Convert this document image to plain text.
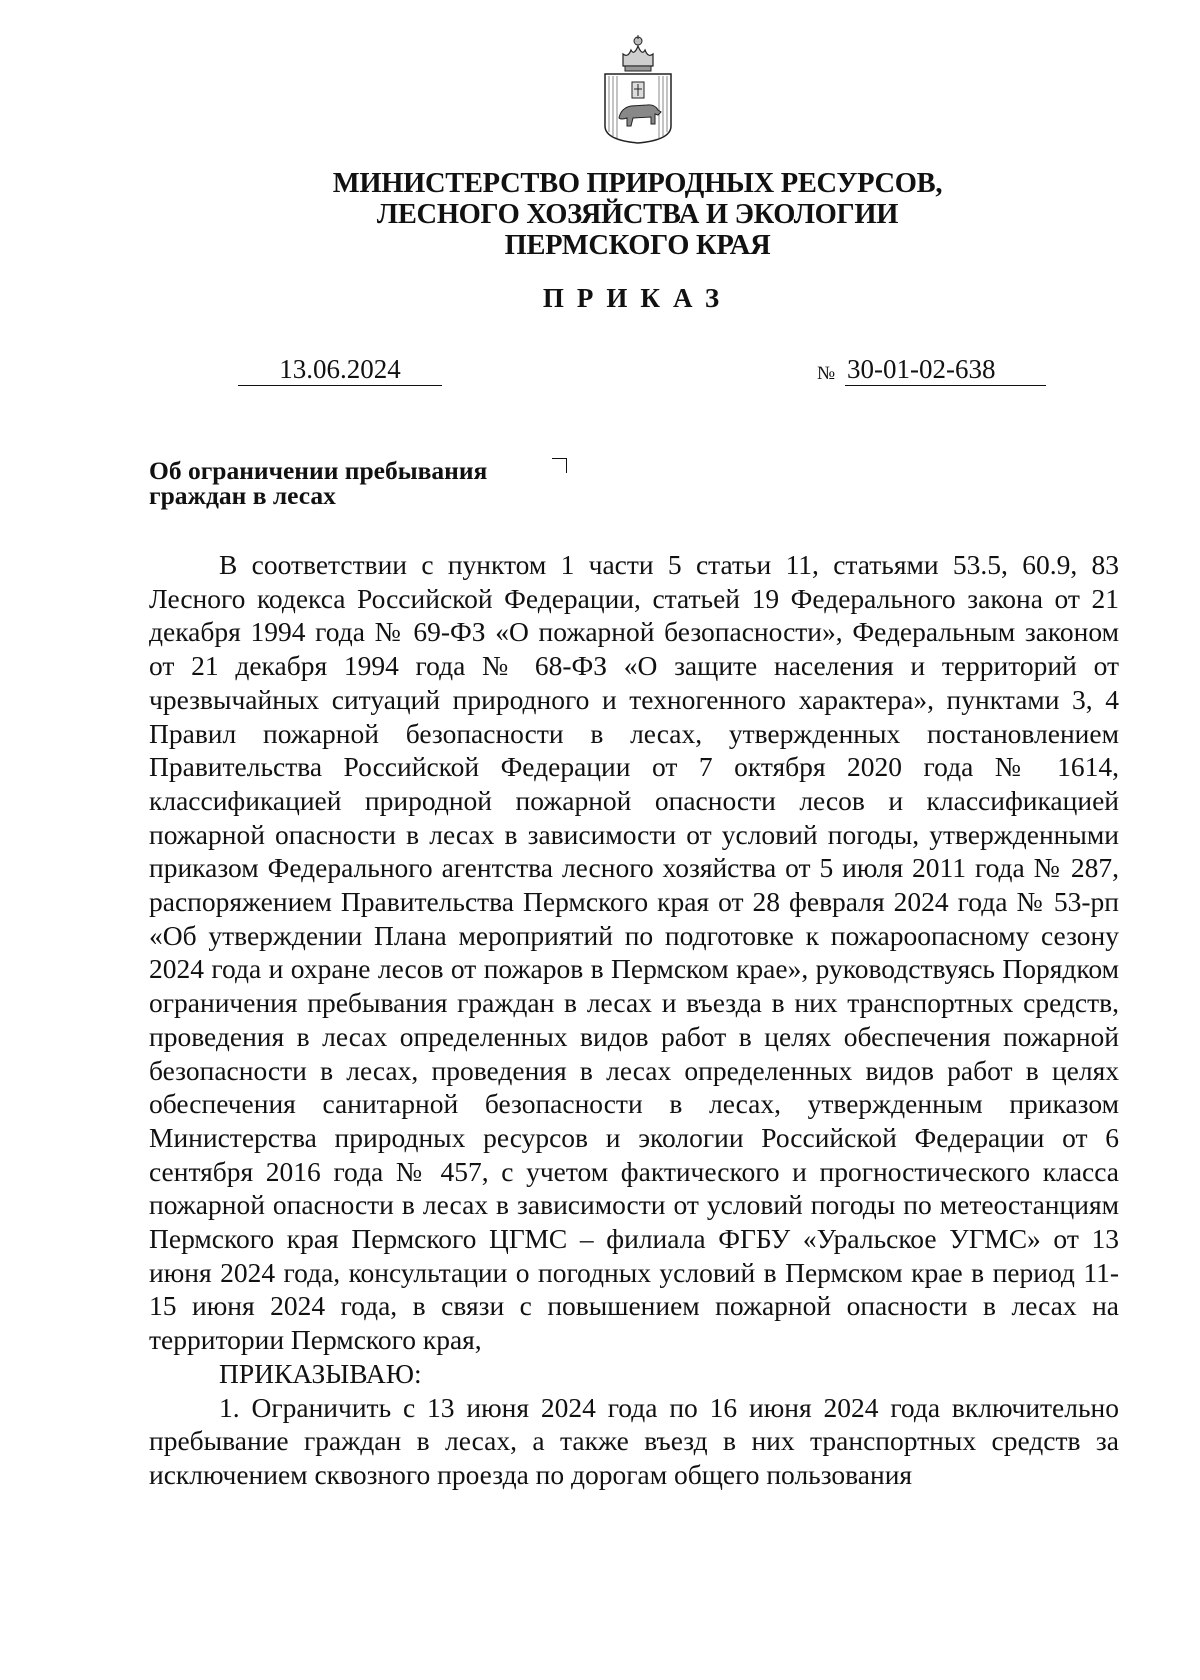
МИНИСТЕРСТВО ПРИРОДНЫХ РЕСУРСОВ,
ЛЕСНОГО ХОЗЯЙСТВА И ЭКОЛОГИИ
ПЕРМСКОГО КРАЯ
ПРИКАЗ
13.06.2024	№ 30-01-02-638
Об ограничении пребывания
граждан в лесах

В соответствии с пунктом 1 части 5 статьи 11, статьями 53.5, 60.9, 83 Лесного кодекса Российской Федерации, статьей 19 Федерального закона от 21 декабря 1994 года № 69-ФЗ «О пожарной безопасности», Федеральным законом от 21 декабря 1994 года № 68-ФЗ «О защите населения и территорий от чрезвычайных ситуаций природного и техногенного характера», пунктами 3, 4 Правил пожарной безопасности в лесах, утвержденных постановлением Правительства Российской Федерации от 7 октября 2020 года № 1614, классификацией природной пожарной опасности лесов и классификацией пожарной опасности в лесах в зависимости от условий погоды, утвержденными приказом Федерального агентства лесного хозяйства от 5 июля 2011 года № 287, распоряжением Правительства Пермского края от 28 февраля 2024 года № 53-рп «Об утверждении Плана мероприятий по подготовке к пожароопасному сезону 2024 года и охране лесов от пожаров в Пермском крае», руководствуясь Порядком ограничения пребывания граждан в лесах и въезда в них транспортных средств, проведения в лесах определенных видов работ в целях обеспечения пожарной безопасности в лесах, проведения в лесах определенных видов работ в целях обеспечения санитарной безопасности в лесах, утвержденным приказом Министерства природных ресурсов и экологии Российской Федерации от 6 сентября 2016 года № 457, с учетом фактического и прогностического класса пожарной опасности в лесах в зависимости от условий погоды по метеостанциям Пермского края Пермского ЦГМС – филиала ФГБУ «Уральское УГМС» от 13 июня 2024 года, консультации о погодных условий в Пермском крае в период 11-15 июня 2024 года, в связи с повышением пожарной опасности в лесах на территории Пермского края,

ПРИКАЗЫВАЮ:

1. Ограничить с 13 июня 2024 года по 16 июня 2024 года включительно пребывание граждан в лесах, а также въезд в них транспортных средств за исключением сквозного проезда по дорогам общего пользования
